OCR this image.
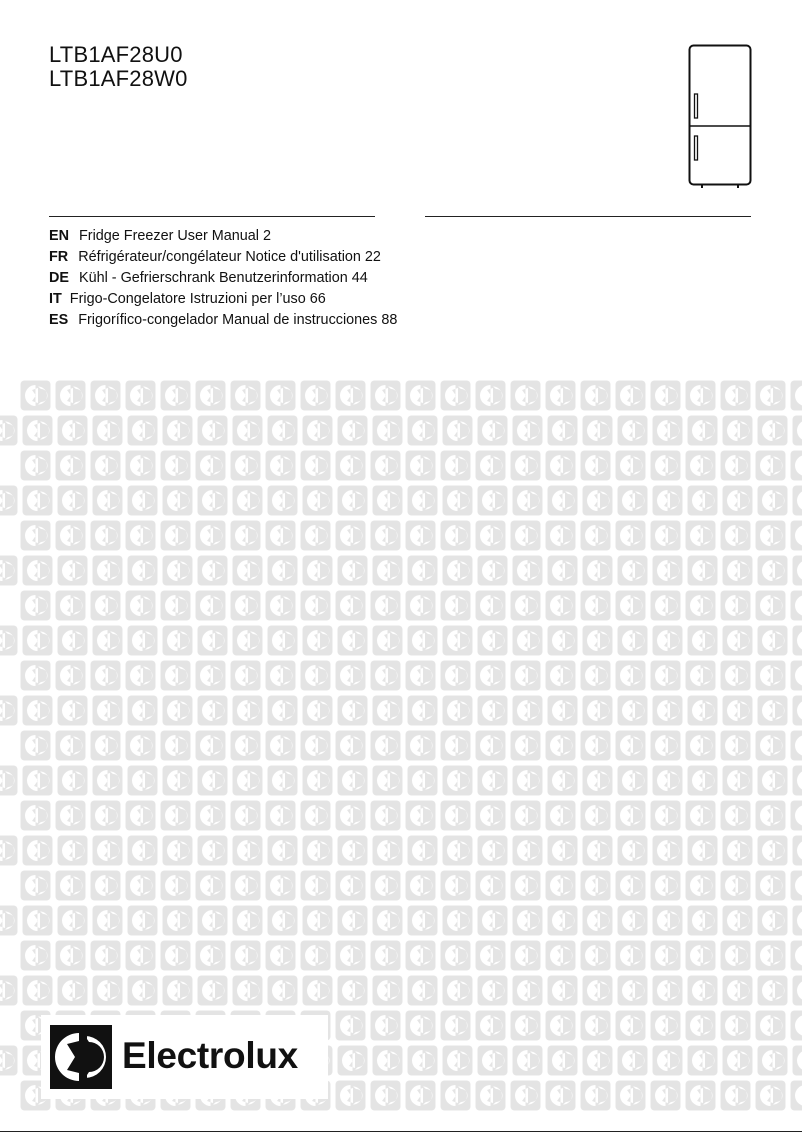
LTB1AF28U0
LTB1AF28W0
EN Fridge Freezer User Manual 2
FR Réfrigérateur/congélateur Notice d'utilisation 22
DE Kühl - Gefrierschrank Benutzerinformation 44
IT Frigo-Congelatore Istruzioni per l’uso 66
ES Frigorífico-congelador Manual de instrucciones 88
Electrolux
